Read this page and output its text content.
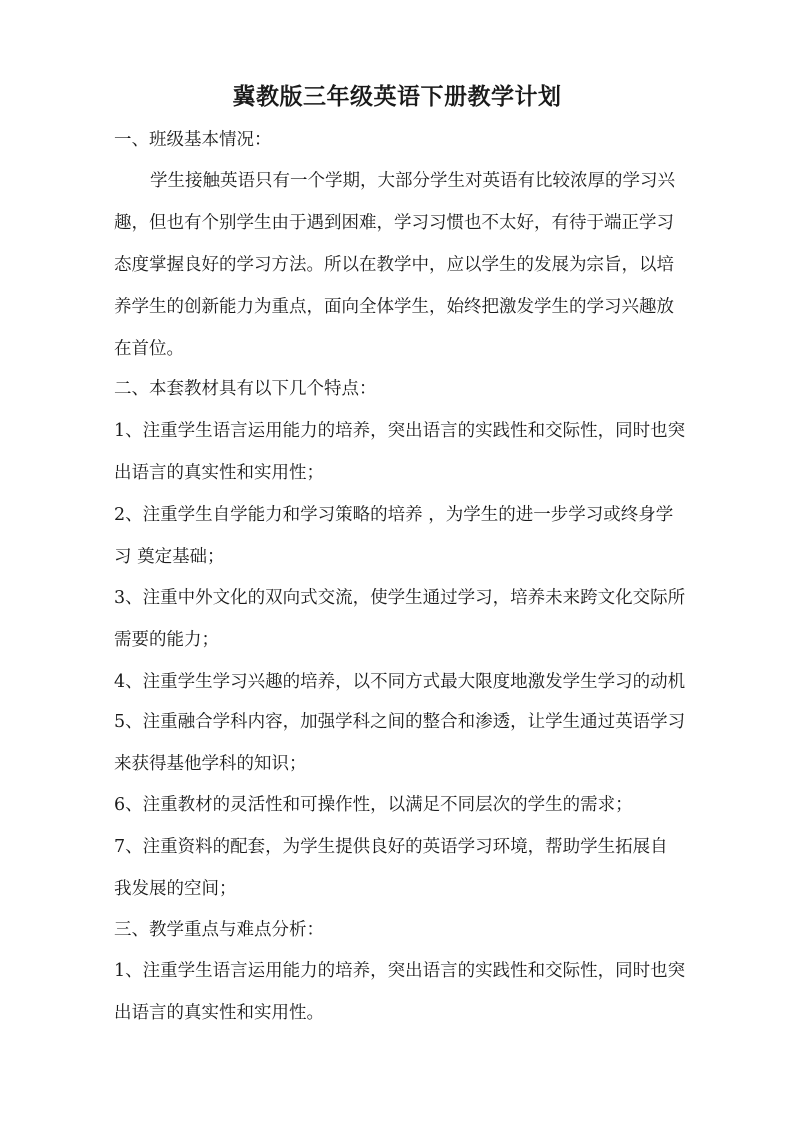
冀教版三年级英语下册教学计划
一、班级基本情况：
学生接触英语只有一个学期，大部分学生对英语有比较浓厚的学习兴
趣，但也有个别学生由于遇到困难，学习习惯也不太好，有待于端正学习
态度掌握良好的学习方法。所以在教学中，应以学生的发展为宗旨，以培
养学生的创新能力为重点，面向全体学生，始终把激发学生的学习兴趣放
在首位。
二、本套教材具有以下几个特点：
1、注重学生语言运用能力的培养，突出语言的实践性和交际性，同时也突
出语言的真实性和实用性；
2、注重学生自学能力和学习策略的培养 ，为学生的进一步学习或终身学
习 奠定基础；
3、注重中外文化的双向式交流，使学生通过学习，培养未来跨文化交际所
需要的能力；
4、注重学生学习兴趣的培养，以不同方式最大限度地激发学生学习的动机
5、注重融合学科内容，加强学科之间的整合和渗透，让学生通过英语学习
来获得基他学科的知识；
6、注重教材的灵活性和可操作性，以满足不同层次的学生的需求；
7、注重资料的配套，为学生提供良好的英语学习环境，帮助学生拓展自
我发展的空间；
三、教学重点与难点分析：
1、注重学生语言运用能力的培养，突出语言的实践性和交际性，同时也突
出语言的真实性和实用性。
